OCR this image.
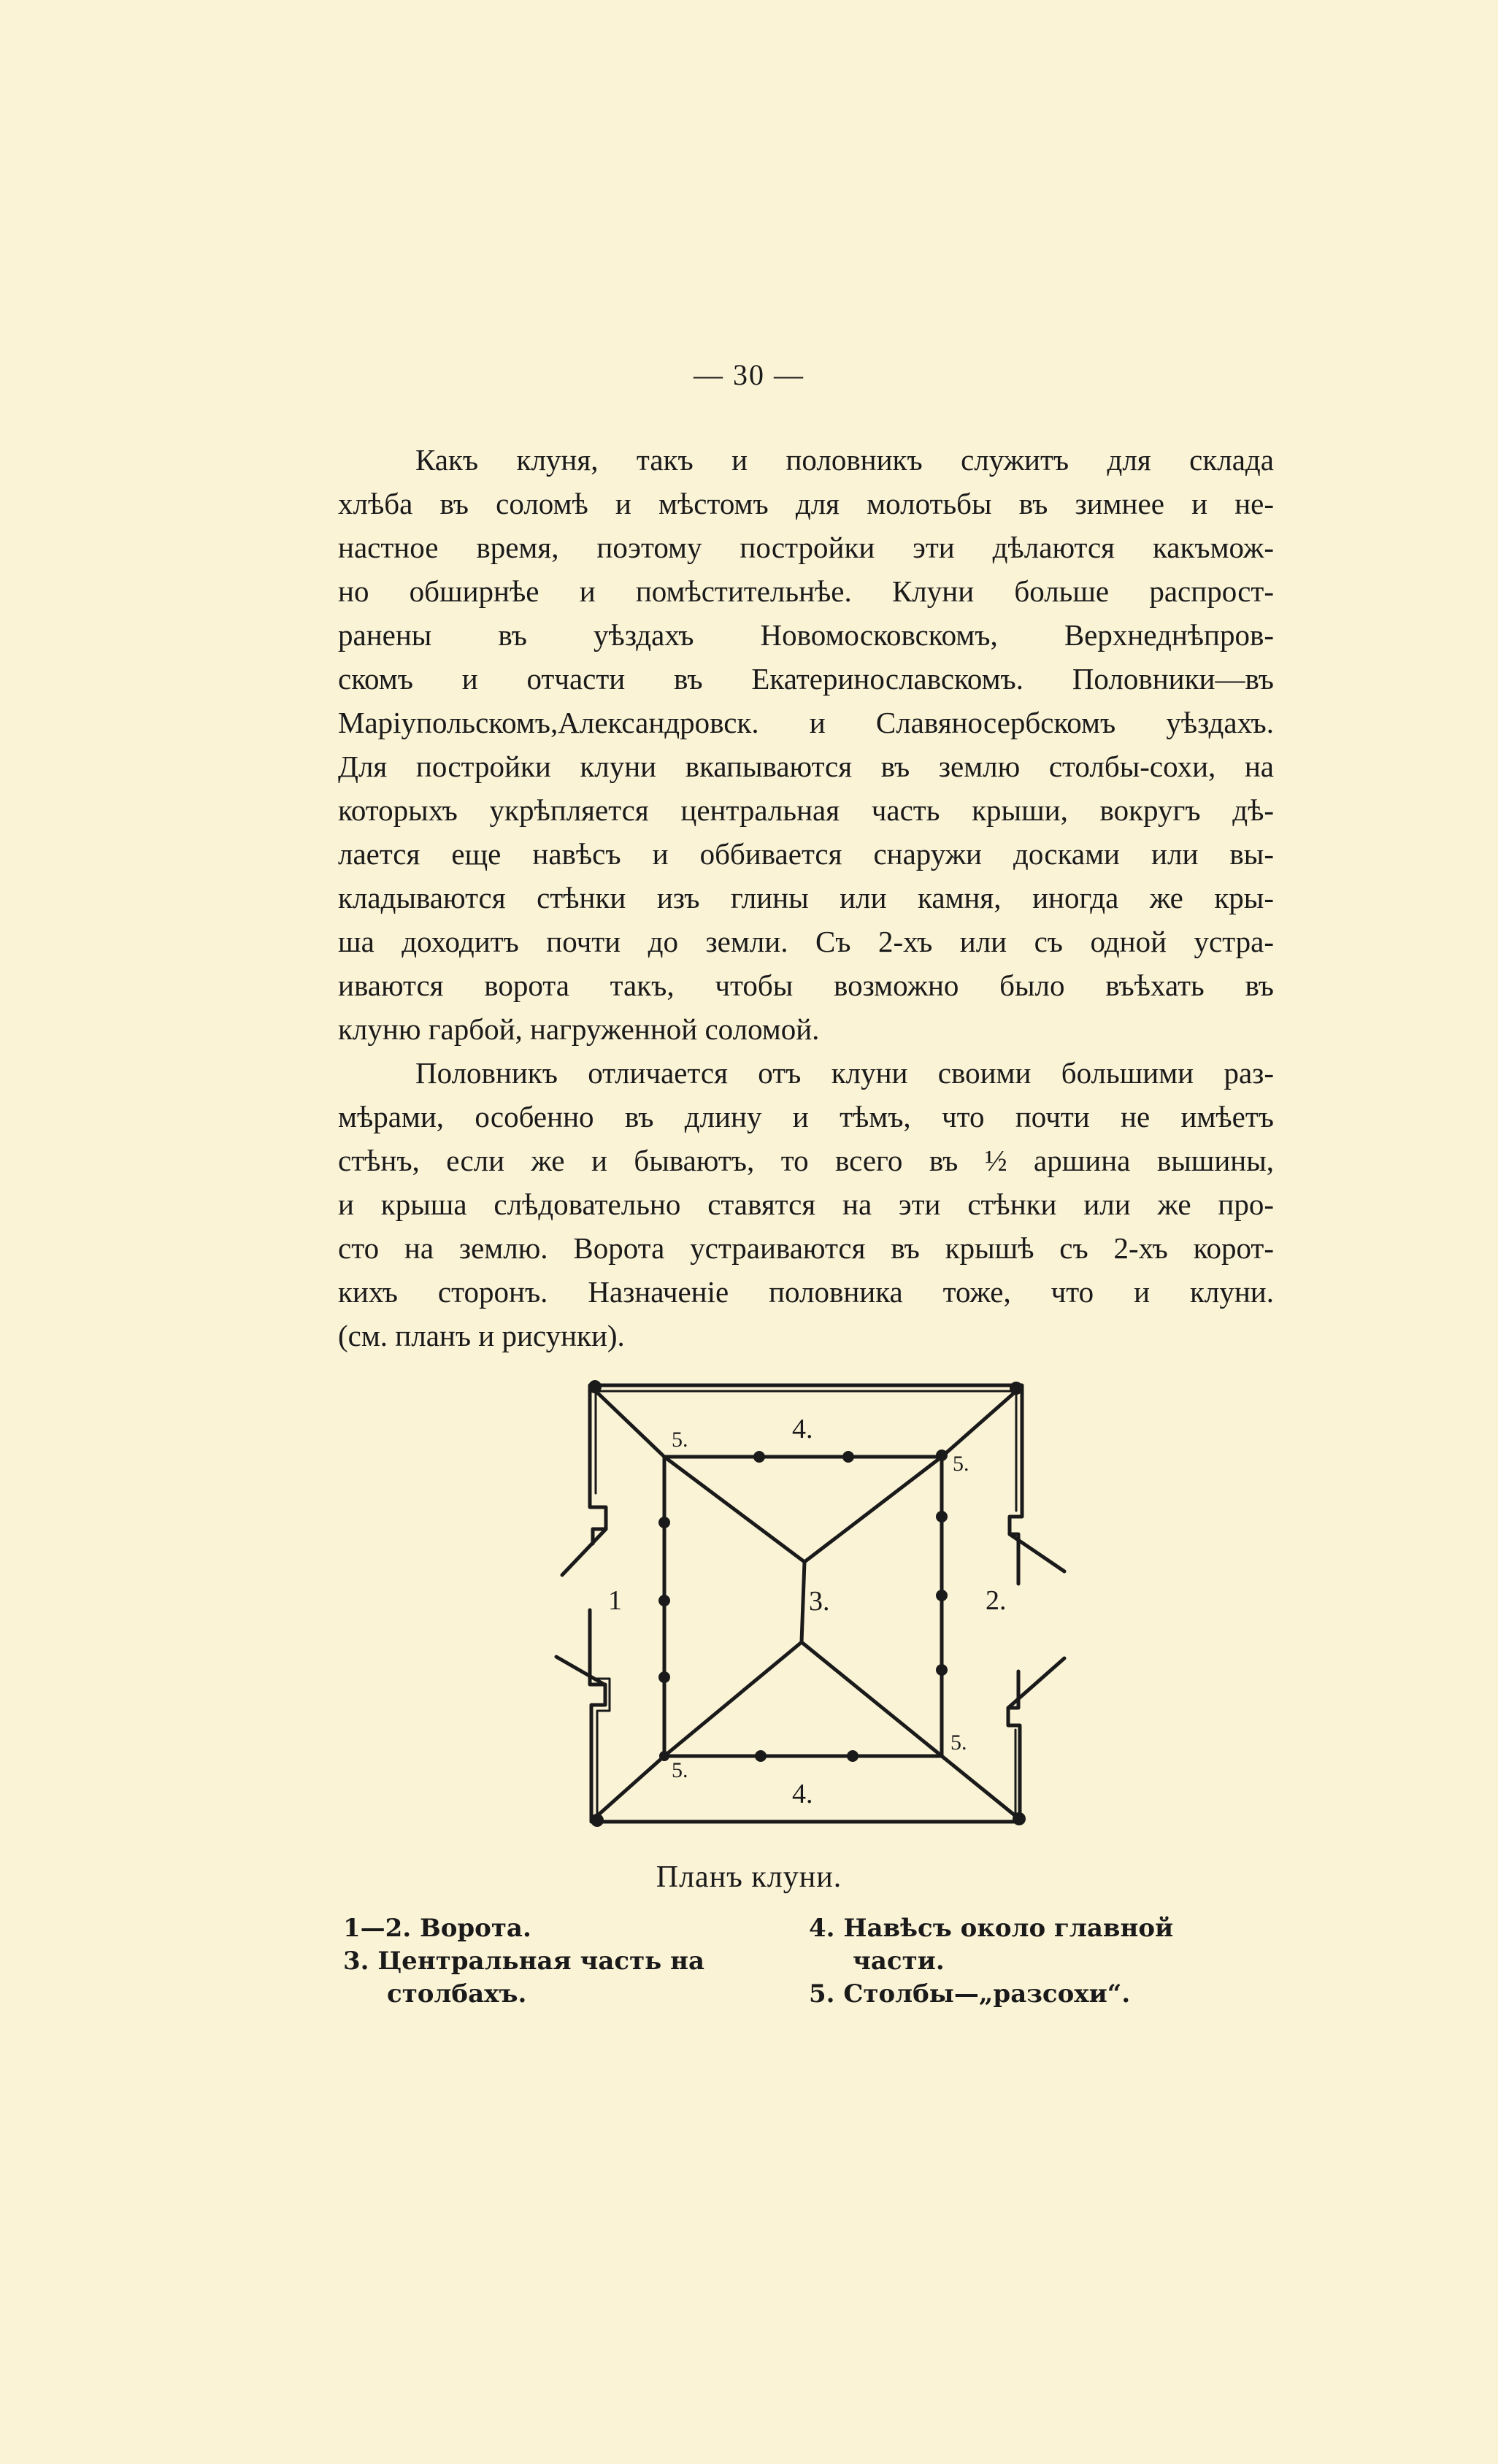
— 30 —
Какъ клуня, такъ и половникъ служитъ для склада
хлѣба въ соломѣ и мѣстомъ для молотьбы въ зимнее и не-
настное время, поэтому постройки эти дѣлаются какъмож-
но обширнѣе и помѣстительнѣе. Клуни больше распрост-
ранены въ уѣздахъ Новомосковскомъ, Верхнеднѣпров-
скомъ и отчасти въ Екатеринославскомъ. Половники—въ
Маріупольскомъ,Александровск. и Славяносербскомъ уѣздахъ.
Для постройки клуни вкапываются въ землю столбы-сохи, на
которыхъ укрѣпляется центральная часть крыши, вокругъ дѣ-
лается еще навѣсъ и оббивается снаружи досками или вы-
кладываются стѣнки изъ глины или камня, иногда же кры-
ша доходитъ почти до земли. Съ 2-хъ или съ одной устра-
иваются ворота такъ, чтобы возможно было въѣхать въ
клуню гарбой, нагруженной соломой.
Половникъ отличается отъ клуни своими большими раз-
мѣрами, особенно въ длину и тѣмъ, что почти не имѣетъ
стѣнъ, если же и бываютъ, то всего въ ½ аршина вышины,
и крыша слѣдовательно ставятся на эти стѣнки или же про-
сто на землю. Ворота устраиваются въ крышѣ съ 2-хъ корот-
кихъ сторонъ. Назначеніе половника тоже, что и клуни.
(см. планъ и рисунки).
1	2.
3.
4.
4.
5.
5.
5.
5.
Планъ клуни.
1—2. Ворота.
3. Центральная часть на
столбахъ.
4. Навѣсъ около главной
части.
5. Столбы—„разсохи“.
